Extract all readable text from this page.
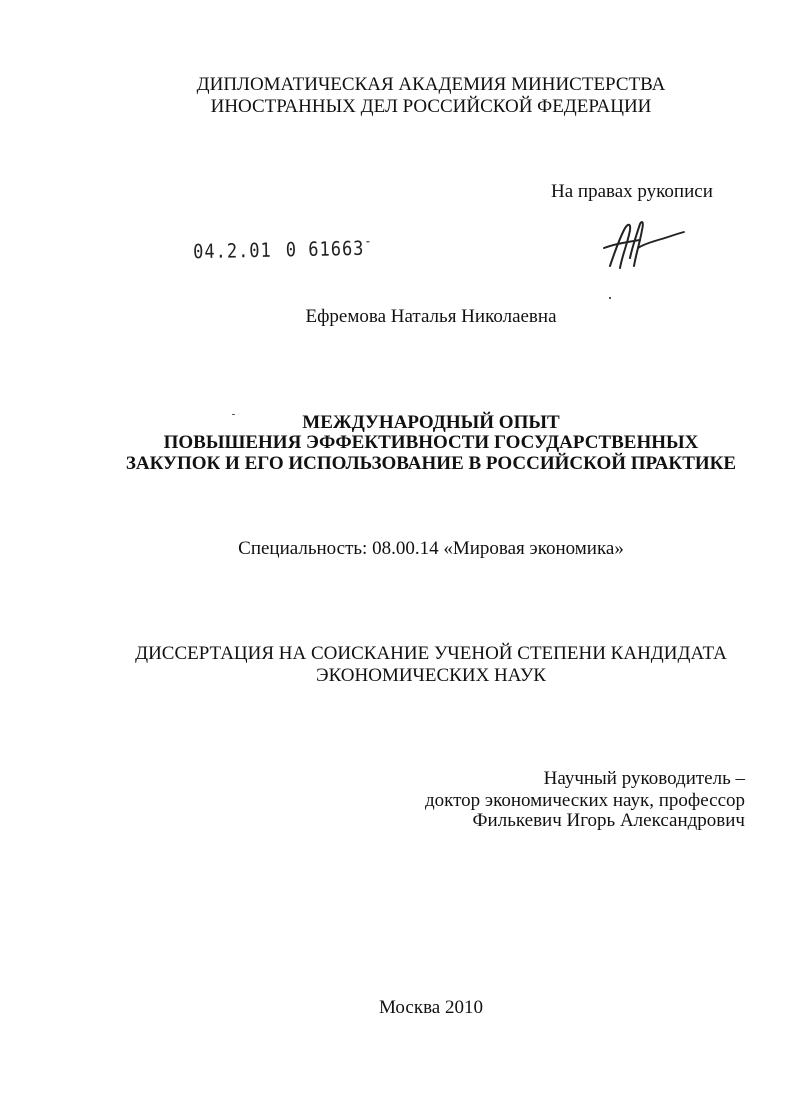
ДИПЛОМАТИЧЕСКАЯ АКАДЕМИЯ МИНИСТЕРСТВА
ИНОСТРАННЫХ ДЕЛ РОССИЙСКОЙ ФЕДЕРАЦИИ
На правах рукописи
04.2.01 0 61663-
Ефремова Наталья Николаевна
МЕЖДУНАРОДНЫЙ ОПЫТ
ПОВЫШЕНИЯ ЭФФЕКТИВНОСТИ ГОСУДАРСТВЕННЫХ
ЗАКУПОК И ЕГО ИСПОЛЬЗОВАНИЕ В РОССИЙСКОЙ ПРАКТИКЕ
Специальность: 08.00.14 «Мировая экономика»
ДИССЕРТАЦИЯ НА СОИСКАНИЕ УЧЕНОЙ СТЕПЕНИ КАНДИДАТА
ЭКОНОМИЧЕСКИХ НАУК
Научный руководитель –
доктор экономических наук, профессор
Филькевич Игорь Александрович
Москва 2010
